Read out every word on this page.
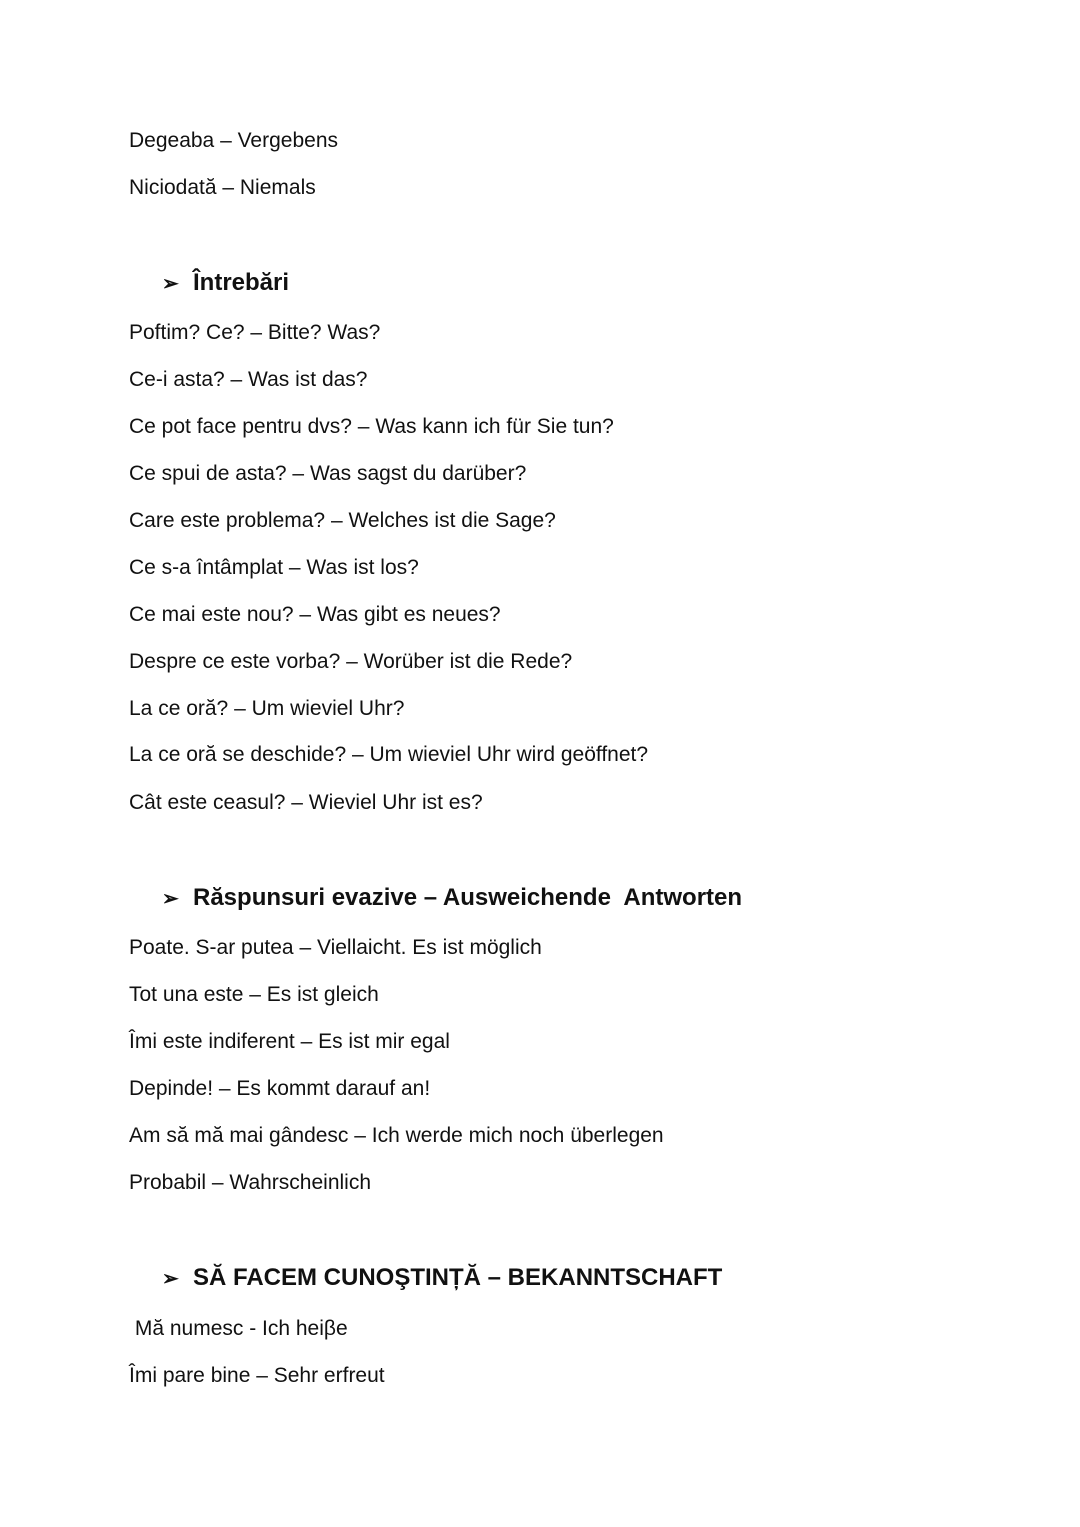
Degeaba – Vergebens
Niciodată – Niemals
➢ Întrebări
Poftim? Ce? – Bitte? Was?
Ce-i asta? – Was ist das?
Ce pot face pentru dvs? – Was kann ich für Sie tun?
Ce spui de asta? – Was sagst du darüber?
Care este problema? – Welches ist die Sage?
Ce s-a întâmplat – Was ist los?
Ce mai este nou? – Was gibt es neues?
Despre ce este vorba? – Worüber ist die Rede?
La ce oră? – Um wieviel Uhr?
La ce oră se deschide? – Um wieviel Uhr wird geöffnet?
Cât este ceasul? – Wieviel Uhr ist es?
➢ Răspunsuri evazive – Ausweichende  Antworten
Poate. S-ar putea – Viellaicht. Es ist möglich
Tot una este – Es ist gleich
Îmi este indiferent – Es ist mir egal
Depinde! – Es kommt darauf an!
Am să mă mai gândesc – Ich werde mich noch überlegen
Probabil – Wahrscheinlich
➢ SĂ FACEM CUNOŞTINȚĂ – BEKANNTSCHAFT
Mă numesc - Ich heiβe
Îmi pare bine – Sehr erfreut
